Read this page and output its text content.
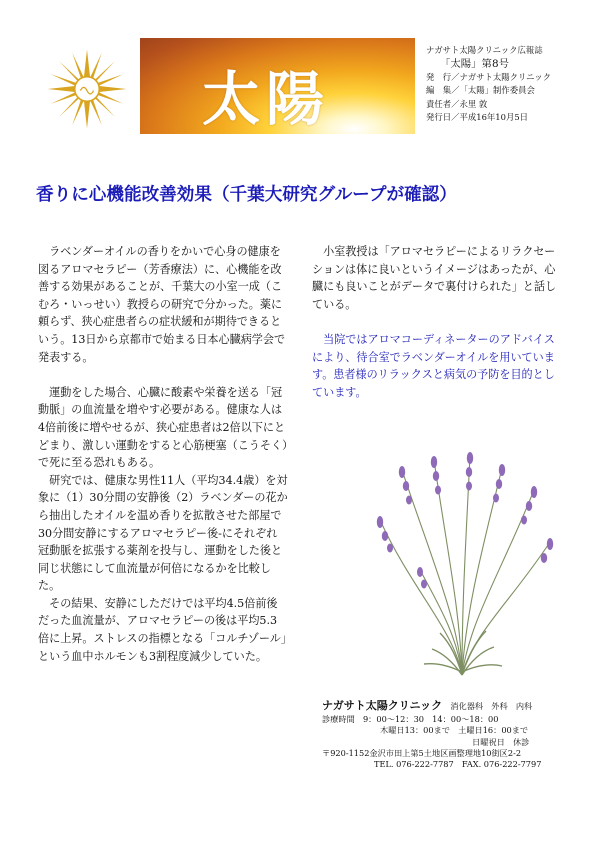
太陽
ナガサト太陽クリニック広報誌
「太陽」第8号
発　行／ナガサト太陽クリニック
編　集／「太陽」制作委員会
責任者／永里 敦
発行日／平成16年10月5日
香りに心機能改善効果（千葉大研究グループが確認）

ラベンダーオイルの香りをかいで心身の健康を図るアロマセラピー（芳香療法）に、心機能を改善する効果があることが、千葉大の小室一成（こむろ・いっせい）教授らの研究で分かった。薬に頼らず、狭心症患者らの症状緩和が期待できるという。13日から京都市で始まる日本心臓病学会で発表する。

運動をした場合、心臓に酸素や栄養を送る「冠動脈」の血流量を増やす必要がある。健康な人は4倍前後に増やせるが、狭心症患者は2倍以下にとどまり、激しい運動をすると心筋梗塞（こうそく）で死に至る恐れもある。

研究では、健康な男性11人（平均34.4歳）を対象に（1）30分間の安静後（2）ラベンダーの花から抽出したオイルを温め香りを拡散させた部屋で30分間安静にするアロマセラピー後-にそれぞれ冠動脈を拡張する薬剤を投与し、運動をした後と同じ状態にして血流量が何倍になるかを比較した。

その結果、安静にしただけでは平均4.5倍前後だった血流量が、アロマセラピーの後は平均5.3倍に上昇。ストレスの指標となる「コルチゾール」という血中ホルモンも3割程度減少していた。

小室教授は「アロマセラピーによるリラクセーションは体に良いというイメージはあったが、心臓にも良いことがデータで裏付けられた」と話している。

当院ではアロマコーディネーターのアドバイスにより、待合室でラベンダーオイルを用いています。患者様のリラックスと病気の予防を目的としています。

ナガサト太陽クリニック　 消化器科　外科　内科
診療時間　 9：00～12：30　14：00～18：00
木曜日13：00まで　土曜日16：00まで
日曜祝日　休診
〒920-1152金沢市田上第5土地区画整理地10街区2-2
TEL. 076-222-7787　FAX. 076-222-7797
